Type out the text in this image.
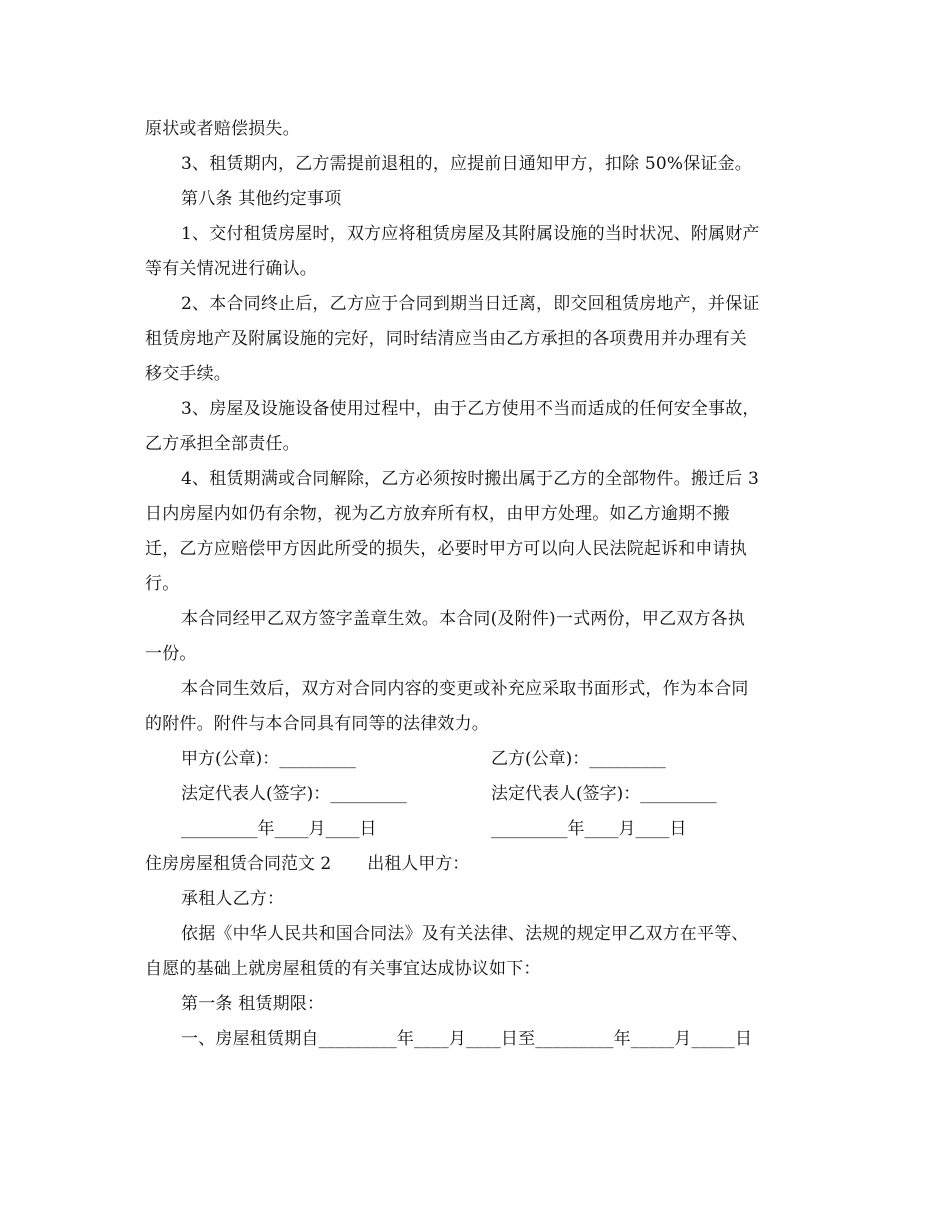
原状或者赔偿损失。
3、租赁期内，乙方需提前退租的，应提前日通知甲方，扣除 50%保证金。
第八条 其他约定事项
1、交付租赁房屋时，双方应将租赁房屋及其附属设施的当时状况、附属财产
等有关情况进行确认。
2、本合同终止后，乙方应于合同到期当日迁离，即交回租赁房地产，并保证
租赁房地产及附属设施的完好，同时结清应当由乙方承担的各项费用并办理有关
移交手续。
3、房屋及设施设备使用过程中，由于乙方使用不当而适成的任何安全事故，
乙方承担全部责任。
4、租赁期满或合同解除，乙方必须按时搬出属于乙方的全部物件。搬迁后 3
日内房屋内如仍有余物，视为乙方放弃所有权，由甲方处理。如乙方逾期不搬
迁，乙方应赔偿甲方因此所受的损失，必要时甲方可以向人民法院起诉和申请执
行。
本合同经甲乙双方签字盖章生效。本合同(及附件)一式两份，甲乙双方各执
一份。
本合同生效后，双方对合同内容的变更或补充应采取书面形式，作为本合同
的附件。附件与本合同具有同等的法律效力。
甲方(公章)：_________	乙方(公章)：_________
法定代表人(签字)：_________	法定代表人(签字)：_________
_________年____月____日	_________年____月____日
住房房屋租赁合同范文 2 出租人甲方：
承租人乙方：
依据《中华人民共和国合同法》及有关法律、法规的规定甲乙双方在平等、
自愿的基础上就房屋租赁的有关事宜达成协议如下：
第一条 租赁期限：
一、房屋租赁期自_________年____月____日至_________年_____月_____日
